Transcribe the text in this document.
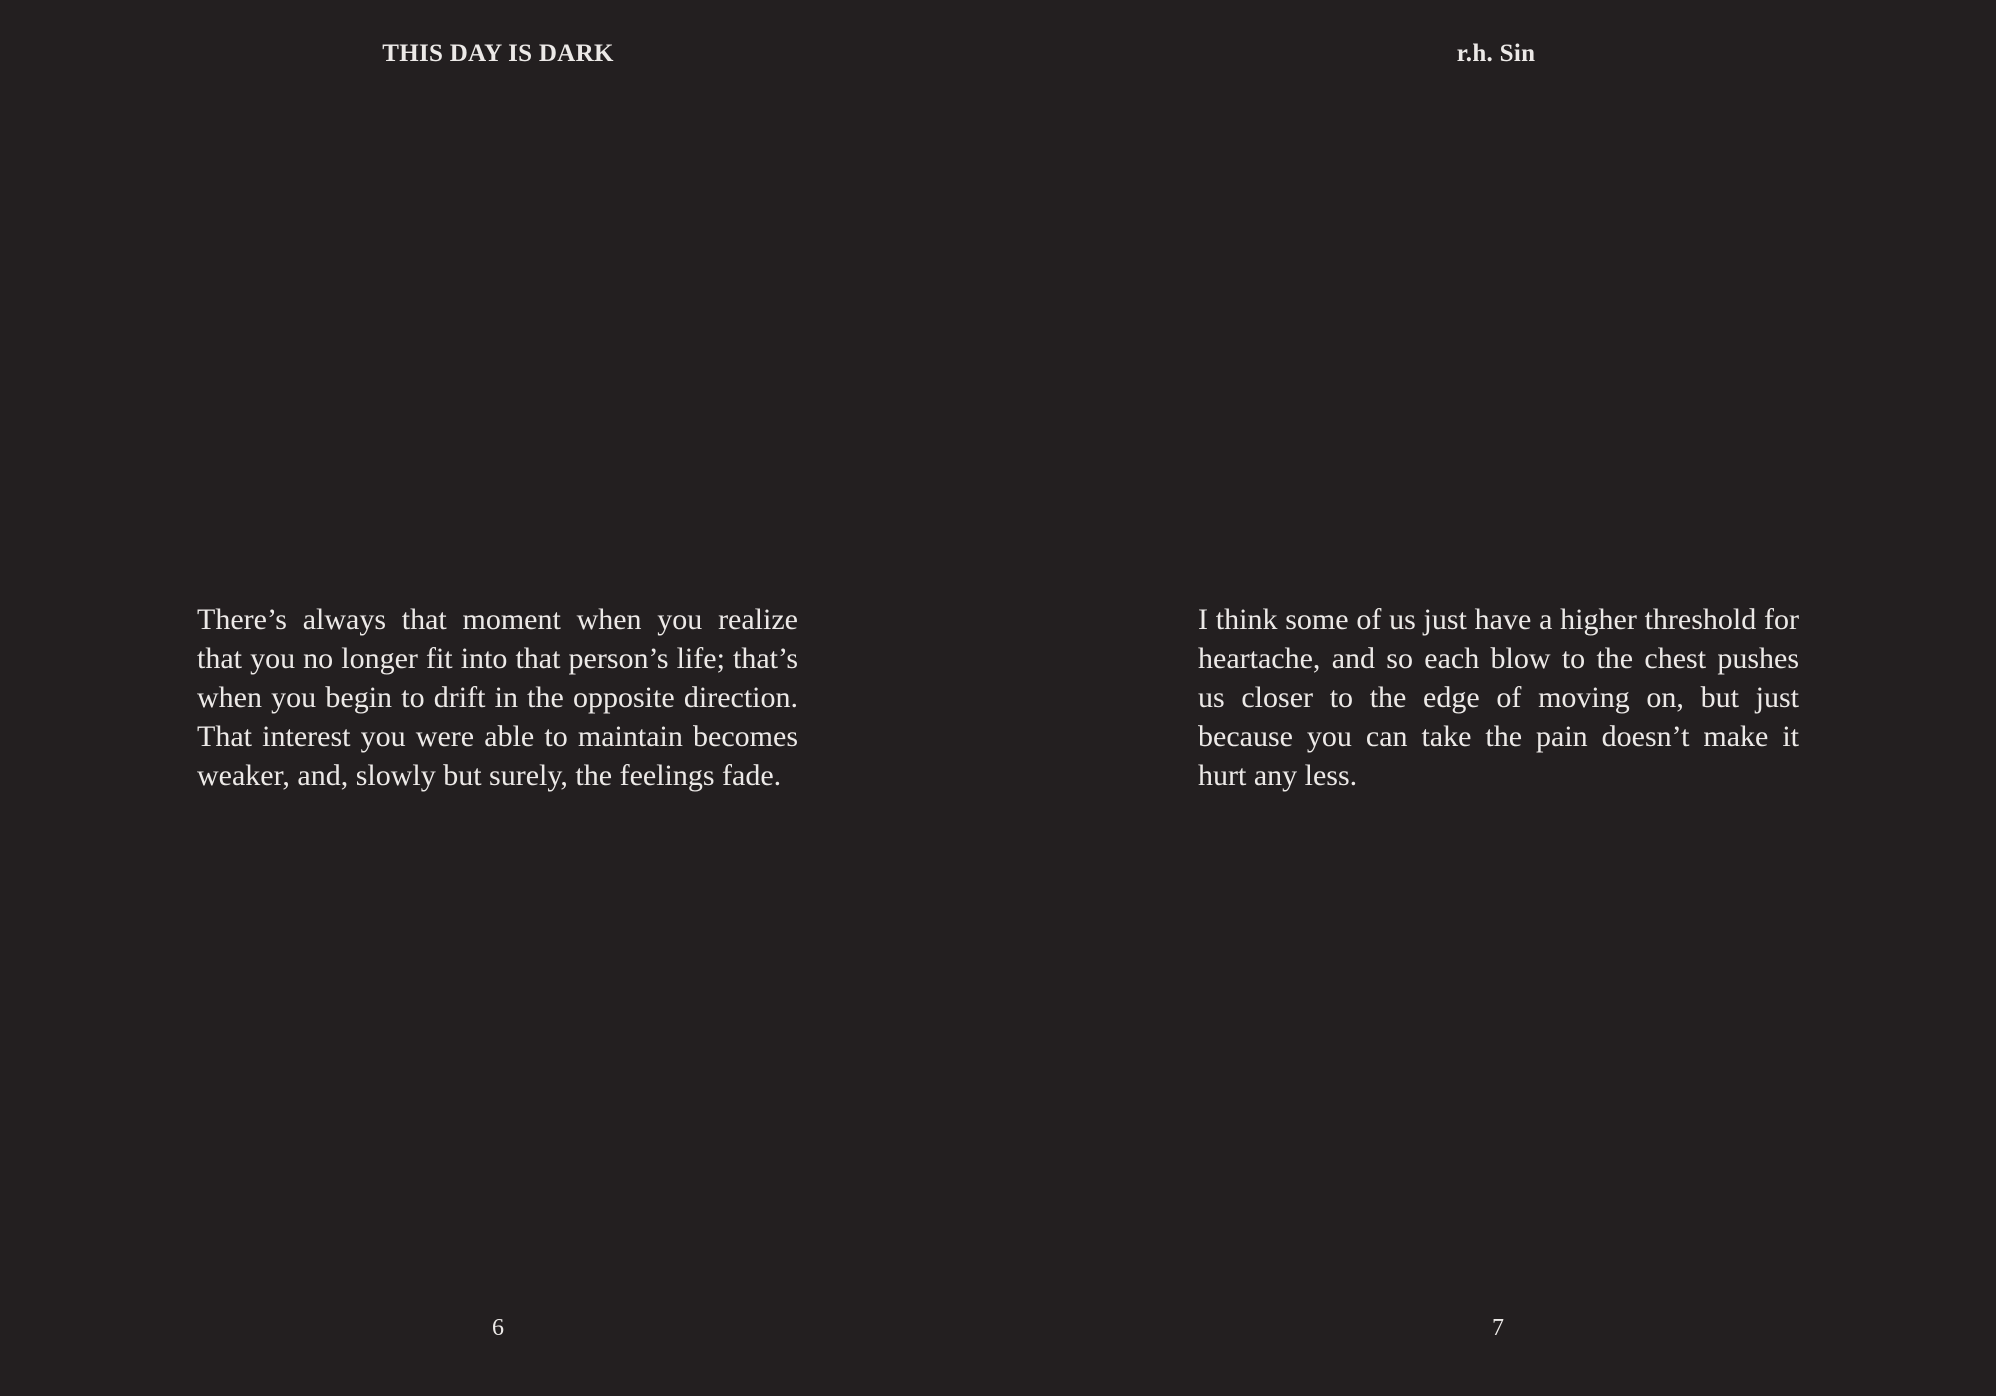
THIS DAY IS DARK

There’s always that moment when you realize that you no longer fit into that person’s life; that’s when you begin to drift in the opposite direction. That interest you were able to maintain becomes weaker, and, slowly but surely, the feelings fade.

6
r.h. Sin

I think some of us just have a higher threshold for heartache, and so each blow to the chest pushes us closer to the edge of moving on, but just because you can take the pain doesn’t make it hurt any less.

7
